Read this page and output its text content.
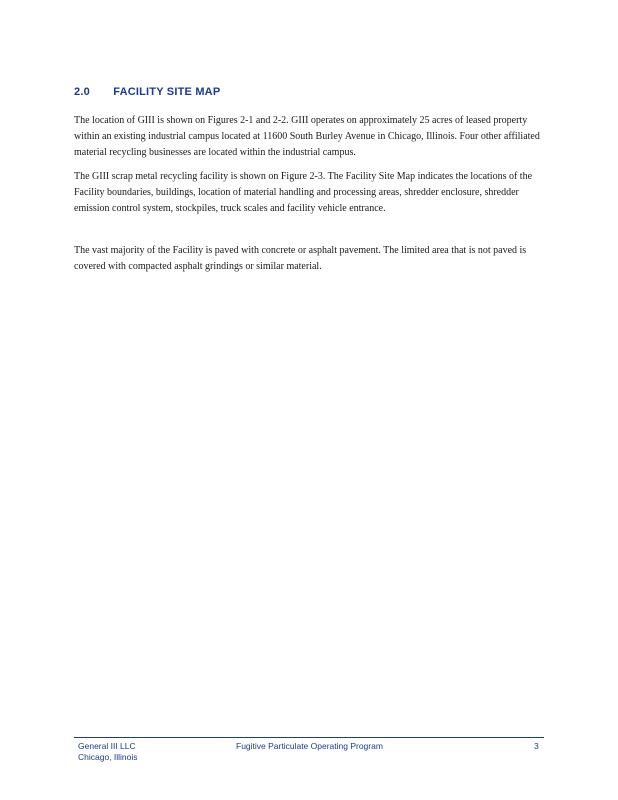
2.0 FACILITY SITE MAP
The location of GIII is shown on Figures 2-1 and 2-2. GIII operates on approximately 25 acres of leased property within an existing industrial campus located at 11600 South Burley Avenue in Chicago, Illinois. Four other affiliated material recycling businesses are located within the industrial campus.
The GIII scrap metal recycling facility is shown on Figure 2-3. The Facility Site Map indicates the locations of the Facility boundaries, buildings, location of material handling and processing areas, shredder enclosure, shredder emission control system, stockpiles, truck scales and facility vehicle entrance.
The vast majority of the Facility is paved with concrete or asphalt pavement. The limited area that is not paved is covered with compacted asphalt grindings or similar material.
General III LLC
Chicago, Illinois
Fugitive Particulate Operating Program	3
